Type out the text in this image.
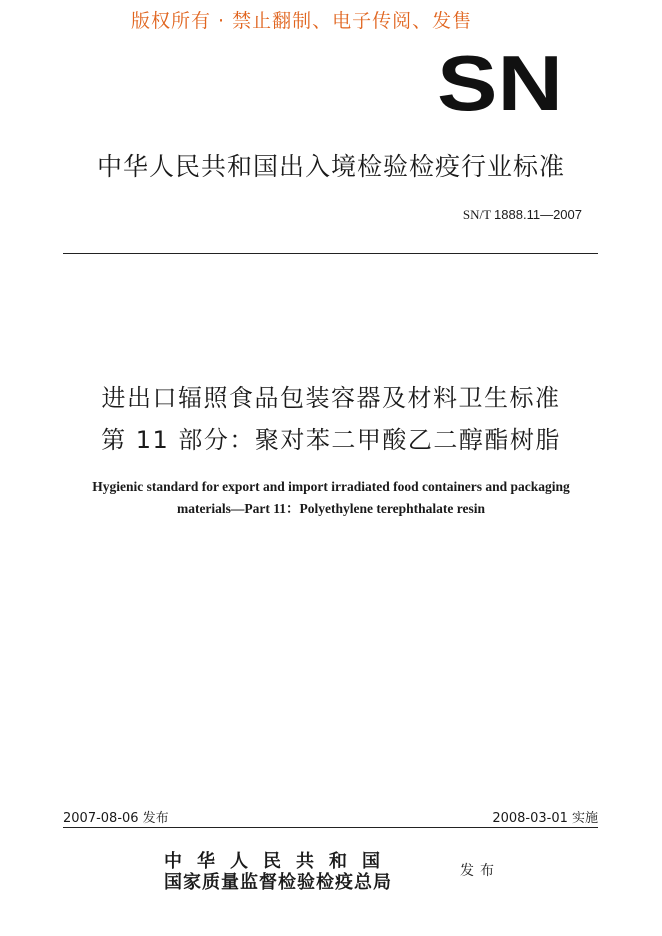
版权所有 · 禁止翻制、电子传阅、发售
SN
中华人民共和国出入境检验检疫行业标准
SN/T 1888.11—2007
进出口辐照食品包装容器及材料卫生标准
第 11 部分：聚对苯二甲酸乙二醇酯树脂
Hygienic standard for export and import irradiated food containers and packaging
materials—Part 11：Polyethylene terephthalate resin
2007-08-06 发布	2008-03-01 实施
中华人民共和国
国家质量监督检验检疫总局
发布
